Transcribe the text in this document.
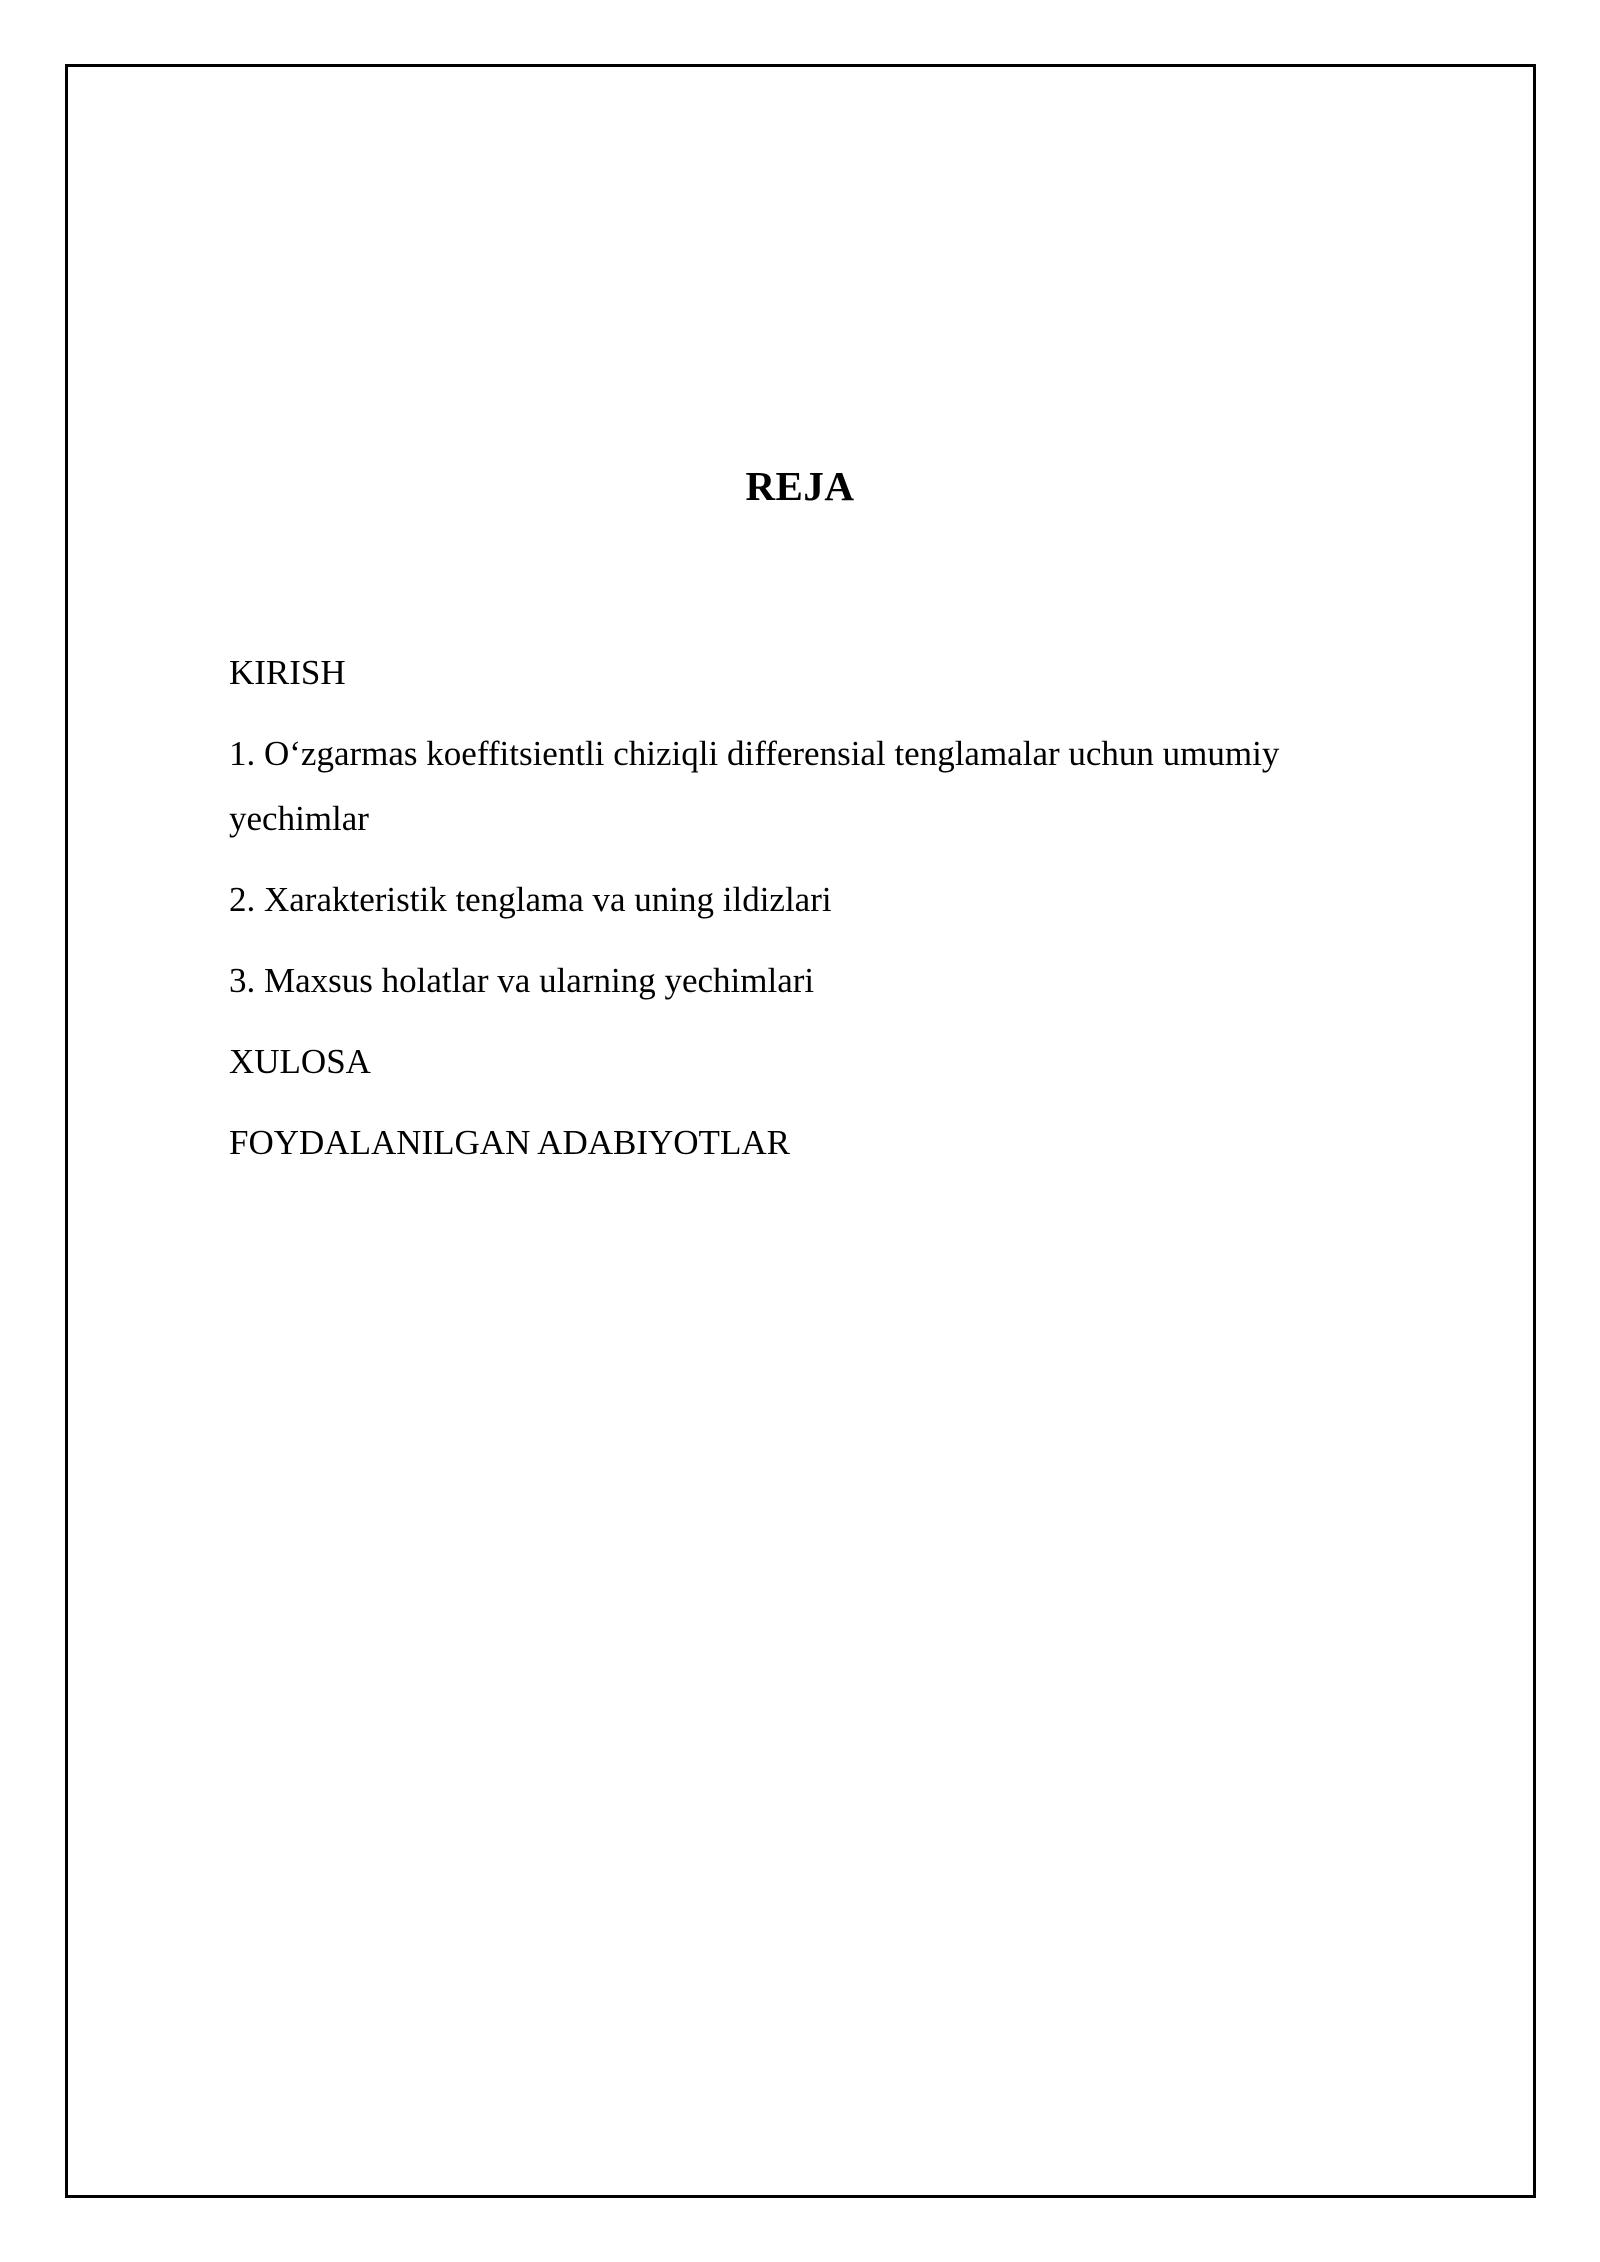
REJA
KIRISH
1. O‘zgarmas koeffitsientli chiziqli differensial tenglamalar uchun umumiy yechimlar
2. Xarakteristik tenglama va uning ildizlari
3. Maxsus holatlar va ularning yechimlari
XULOSA
FOYDALANILGAN ADABIYOTLAR
